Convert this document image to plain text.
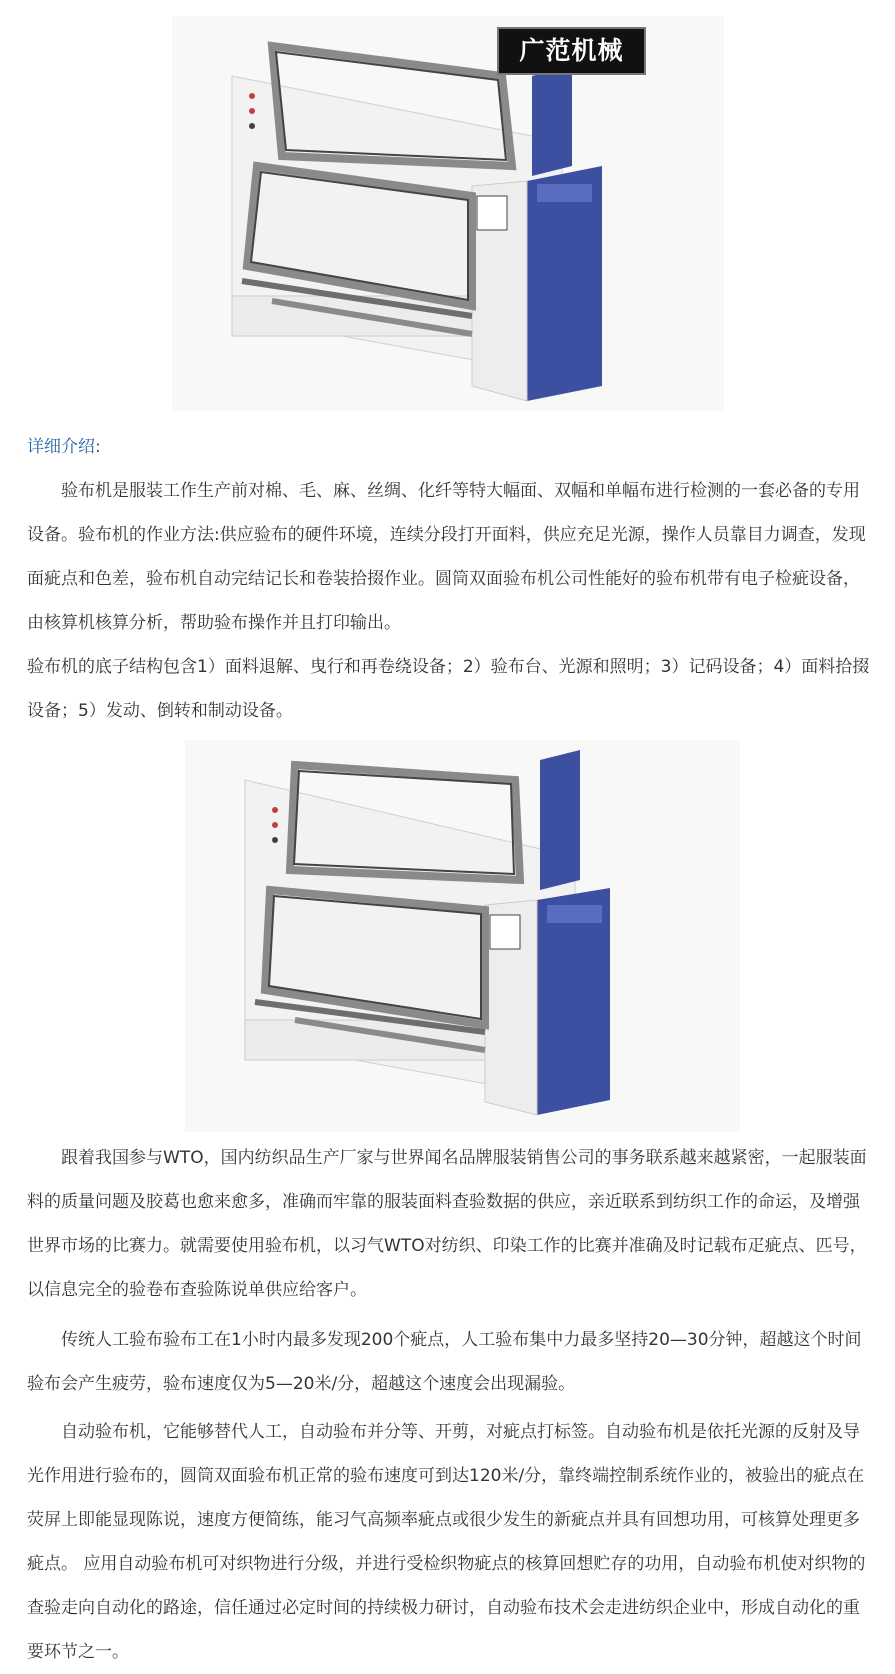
广范机械
详细介绍:

验布机是服装工作生产前对棉、毛、麻、丝绸、化纤等特大幅面、双幅和单幅布进行检测的一套必备的专用设备。验布机的作业方法:供应验布的硬件环境，连续分段打开面料，供应充足光源，操作人员靠目力调查，发现面疵点和色差，验布机自动完结记长和卷装拾掇作业。圆筒双面验布机公司性能好的验布机带有电子检疵设备，由核算机核算分析，帮助验布操作并且打印输出。

验布机的底子结构包含1）面料退解、曳行和再卷绕设备；2）验布台、光源和照明；3）记码设备；4）面料拾掇设备；5）发动、倒转和制动设备。

跟着我国参与WTO，国内纺织品生产厂家与世界闻名品牌服装销售公司的事务联系越来越紧密，一起服装面料的质量问题及胶葛也愈来愈多，准确而牢靠的服装面料查验数据的供应，亲近联系到纺织工作的命运，及增强世界市场的比赛力。就需要使用验布机，以习气WTO对纺织、印染工作的比赛并准确及时记载布疋疵点、匹号，以信息完全的验卷布查验陈说单供应给客户。

传统人工验布验布工在1小时内最多发现200个疵点，人工验布集中力最多坚持20—30分钟，超越这个时间验布会产生疲劳，验布速度仅为5—20米/分，超越这个速度会出现漏验。

自动验布机，它能够替代人工，自动验布并分等、开剪，对疵点打标签。自动验布机是依托光源的反射及导光作用进行验布的，圆筒双面验布机正常的验布速度可到达120米/分，靠终端控制系统作业的，被验出的疵点在荧屏上即能显现陈说，速度方便简练，能习气高频率疵点或很少发生的新疵点并具有回想功用，可核算处理更多疵点。 应用自动验布机可对织物进行分级，并进行受检织物疵点的核算回想贮存的功用，自动验布机使对织物的查验走向自动化的路途，信任通过必定时间的持续极力研讨，自动验布技术会走进纺织企业中，形成自动化的重要环节之一。
